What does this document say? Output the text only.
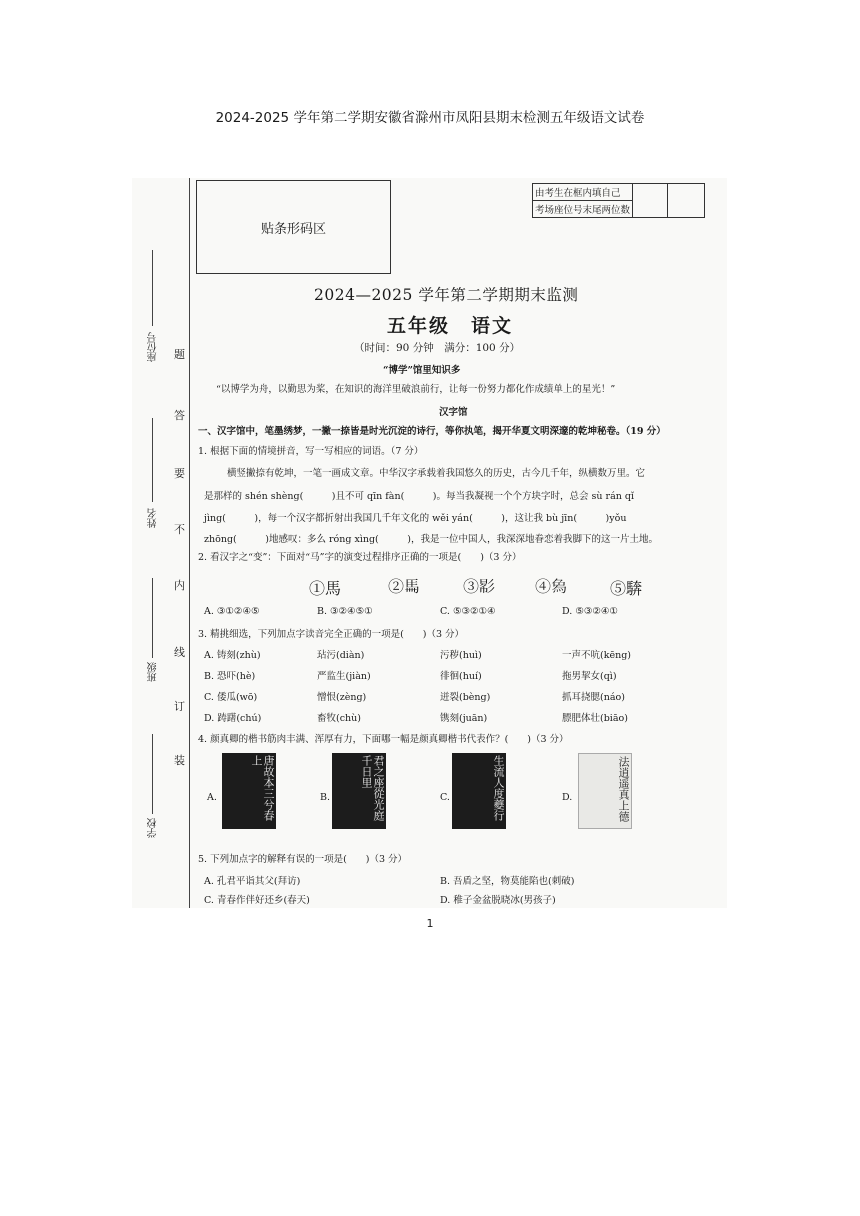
2024-2025 学年第二学期安徽省滁州市凤阳县期末检测五年级语文试卷
座位号
姓名
班级
学校
题
答
要
不
内
线
订
装
贴条形码区
由考生在框内填自己		
考场座位号末尾两位数
2024—2025 学年第二学期期末监测
五年级　语文
（时间：90 分钟　满分：100 分）
“博学”馆里知识多
“以博学为舟，以勤思为桨，在知识的海洋里破浪前行，让每一份努力都化作成绩单上的星光！”
汉字馆
一、汉字馆中，笔墨绣梦，一撇一捺皆是时光沉淀的诗行，等你执笔，揭开华夏文明深邃的乾坤秘卷。（19 分）
1. 根据下面的情境拼音，写一写相应的词语。（7 分）
横竖撇捺有乾坤，一笔一画成文章。中华汉字承载着我国悠久的历史，古今几千年，纵横数万里。它
是那样的 shén shèng(　　　)且不可 qīn fàn(　　　)。每当我凝视一个个方块字时，总会 sù rán qǐ
jìng(　　　)，每一个汉字都折射出我国几千年文化的 wěi yán(　　　)，这让我 bù jīn(　　　)yǒu
zhōng(　　　)地感叹：多么 róng xìng(　　　)，我是一位中国人，我深深地眷恋着我脚下的这一片土地。
2. 看汉字之“变”：下面对“马”字的演变过程排序正确的一项是(　　)（3 分）
①馬	②𩡧	③𢒠 ④𤉢	⑤𩣺
A. ③①②④⑤	B. ③②④⑤①	C. ⑤③②①④	D. ⑤③②④①
3. 精挑细选，下列加点字读音完全正确的一项是(　　)（3 分）
A. 铸刻(zhù)	玷污(diàn)	污秽(huì)	一声不吭(kēng)
B. 恐吓(hè)	严监生(jiàn)	徘徊(huí)	拖男挈女(qì)
C. 倭瓜(wō)	憎恨(zèng)	迸裂(bèng)	抓耳挠腮(náo)
D. 踌躇(chú)	畜牧(chù)	镌刻(juān)	膘肥体壮(biāo)
4. 颜真卿的楷书筋肉丰满、浑厚有力，下面哪一幅是颜真卿楷书代表作？(　　)（3 分）
A.	唐故本三兮春上
B.	君之座從光庭千日里
C.	生流人度夔行	D.	法逍遥真上德
5. 下列加点字的解释有误的一项是(　　)（3 分）
A. 孔君平诣其父(拜访)	B. 吾盾之坚，物莫能陷也(刺破)
C. 青春作伴好还乡(春天)	D. 稚子金盆脱晓冰(男孩子)
1
